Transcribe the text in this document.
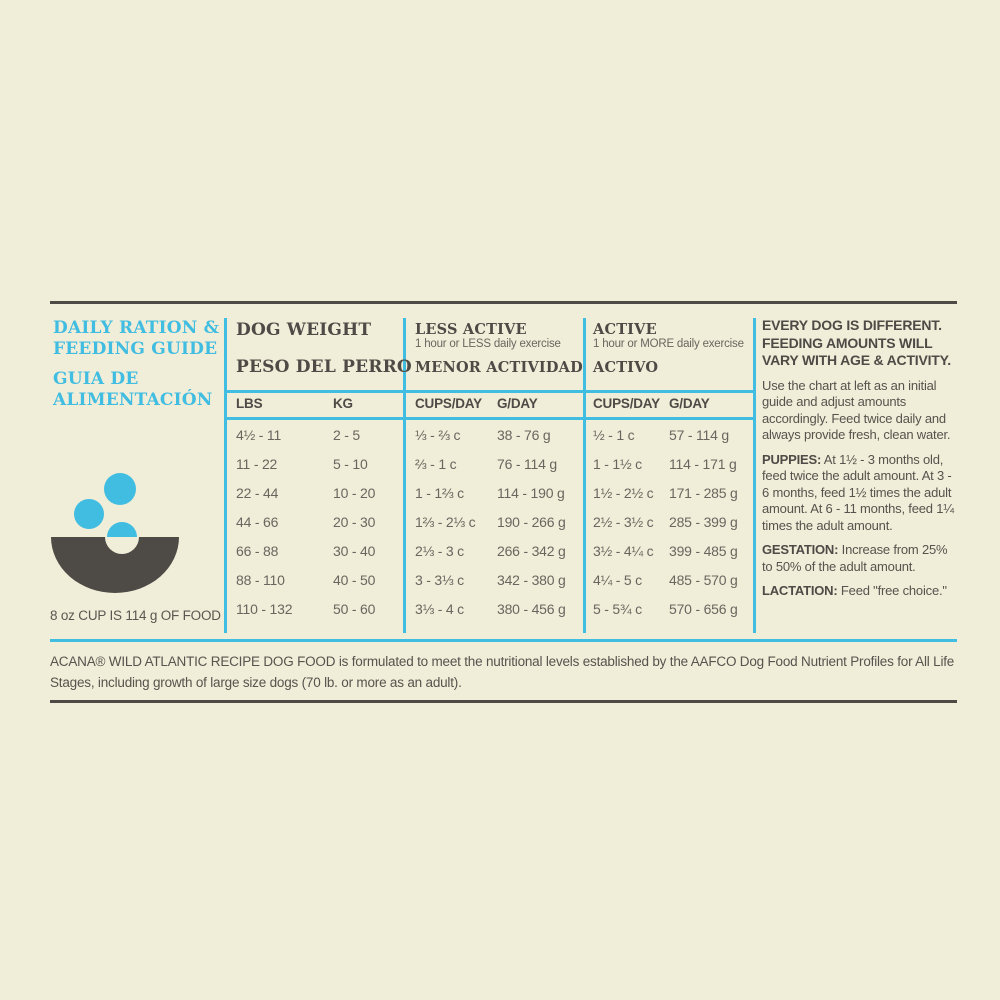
DAILY RATION & FEEDING GUIDE
GUIA DE ALIMENTACIÓN
8 oz CUP IS 114 g OF FOOD
DOG WEIGHT
PESO DEL PERRO
LESS ACTIVE
1 hour or LESS daily exercise
MENOR ACTIVIDAD
ACTIVE
1 hour or MORE daily exercise
ACTIVO
LBS	KG	CUPS/DAY G/DAY	CUPS/DAY G/DAY
4½ - 11	2 - 5	⅓ - ⅔ c	38 - 76 g	½ - 1 c 57 - 114 g
11 - 22	5 - 10	⅔ - 1 c	76 - 114 g	1 - 1½ c 114 - 171 g
22 - 44	10 - 20	1 - 1⅔ c 114 - 190 g 1½ - 2½ c 171 - 285 g
44 - 66	20 - 30	1⅔ - 2⅓ c 190 - 266 g 2½ - 3½ c 285 - 399 g
66 - 88	30 - 40	2⅓ - 3 c 266 - 342 g 3½ - 4¼ c 399 - 485 g
88 - 110	40 - 50	3 - 3⅓ c 342 - 380 g 4¼ - 5 c 485 - 570 g
110 - 132	50 - 60	3⅓ - 4 c 380 - 456 g 5 - 5¾ c 570 - 656 g
EVERY DOG IS DIFFERENT. FEEDING AMOUNTS WILL VARY WITH AGE & ACTIVITY.

Use the chart at left as an initial guide and adjust amounts accordingly. Feed twice daily and always provide fresh, clean water.

PUPPIES: At 1½ - 3 months old, feed twice the adult amount. At 3 - 6 months, feed 1½ times the adult amount. At 6 - 11 months, feed 1¼ times the adult amount.

GESTATION: Increase from 25% to 50% of the adult amount.

LACTATION: Feed "free choice."

ACANA® WILD ATLANTIC RECIPE DOG FOOD is formulated to meet the nutritional levels established by the AAFCO Dog Food Nutrient Profiles for All Life Stages, including growth of large size dogs (70 lb. or more as an adult).
